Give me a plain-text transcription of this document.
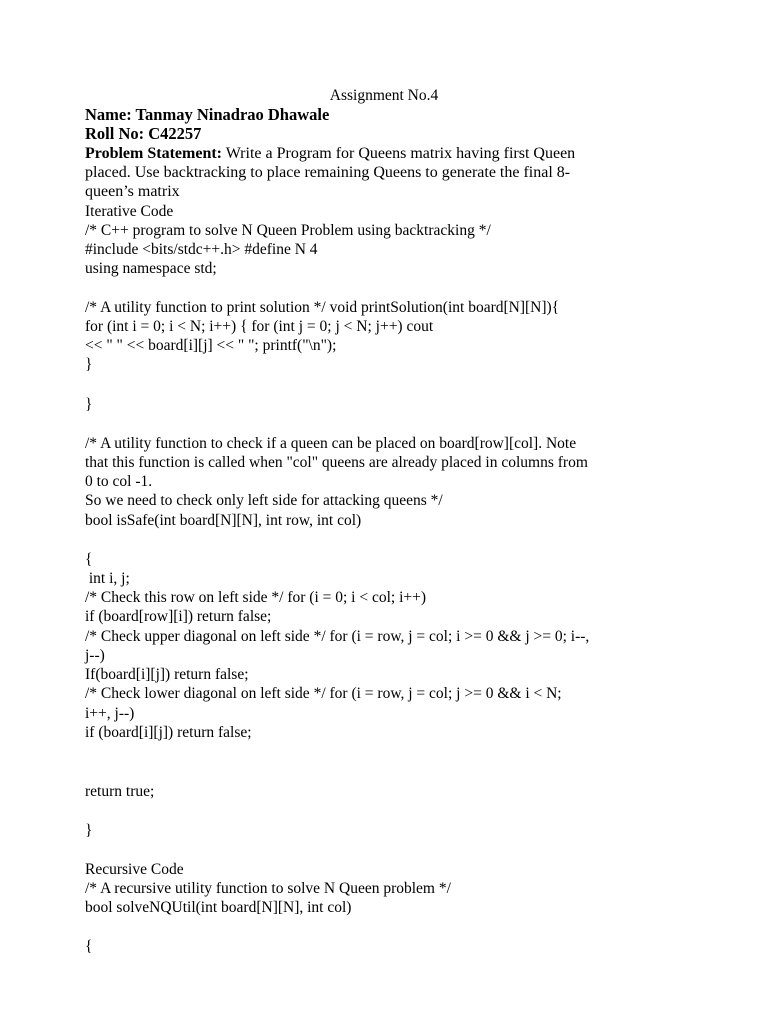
Assignment No.4
Name: Tanmay Ninadrao Dhawale
Roll No: C42257
Problem Statement: Write a Program for Queens matrix having first Queen
placed. Use backtracking to place remaining Queens to generate the final 8-
queen’s matrix
Iterative Code
/* C++ program to solve N Queen Problem using backtracking */
#include <bits/stdc++.h> #define N 4
using namespace std;
/* A utility function to print solution */ void printSolution(int board[N][N]){
for (int i = 0; i < N; i++) { for (int j = 0; j < N; j++) cout
<< " " << board[i][j] << " "; printf("\n");
}
}
/* A utility function to check if a queen can be placed on board[row][col]. Note
that this function is called when "col" queens are already placed in columns from
0 to col -1.
So we need to check only left side for attacking queens */
bool isSafe(int board[N][N], int row, int col)
{
int i, j;
/* Check this row on left side */ for (i = 0; i < col; i++)
if (board[row][i]) return false;
/* Check upper diagonal on left side */ for (i = row, j = col; i >= 0 && j >= 0; i--,
j--)
If(board[i][j]) return false;
/* Check lower diagonal on left side */ for (i = row, j = col; j >= 0 && i < N;
i++, j--)
if (board[i][j]) return false;
return true;
}
Recursive Code
/* A recursive utility function to solve N Queen problem */
bool solveNQUtil(int board[N][N], int col)
{
